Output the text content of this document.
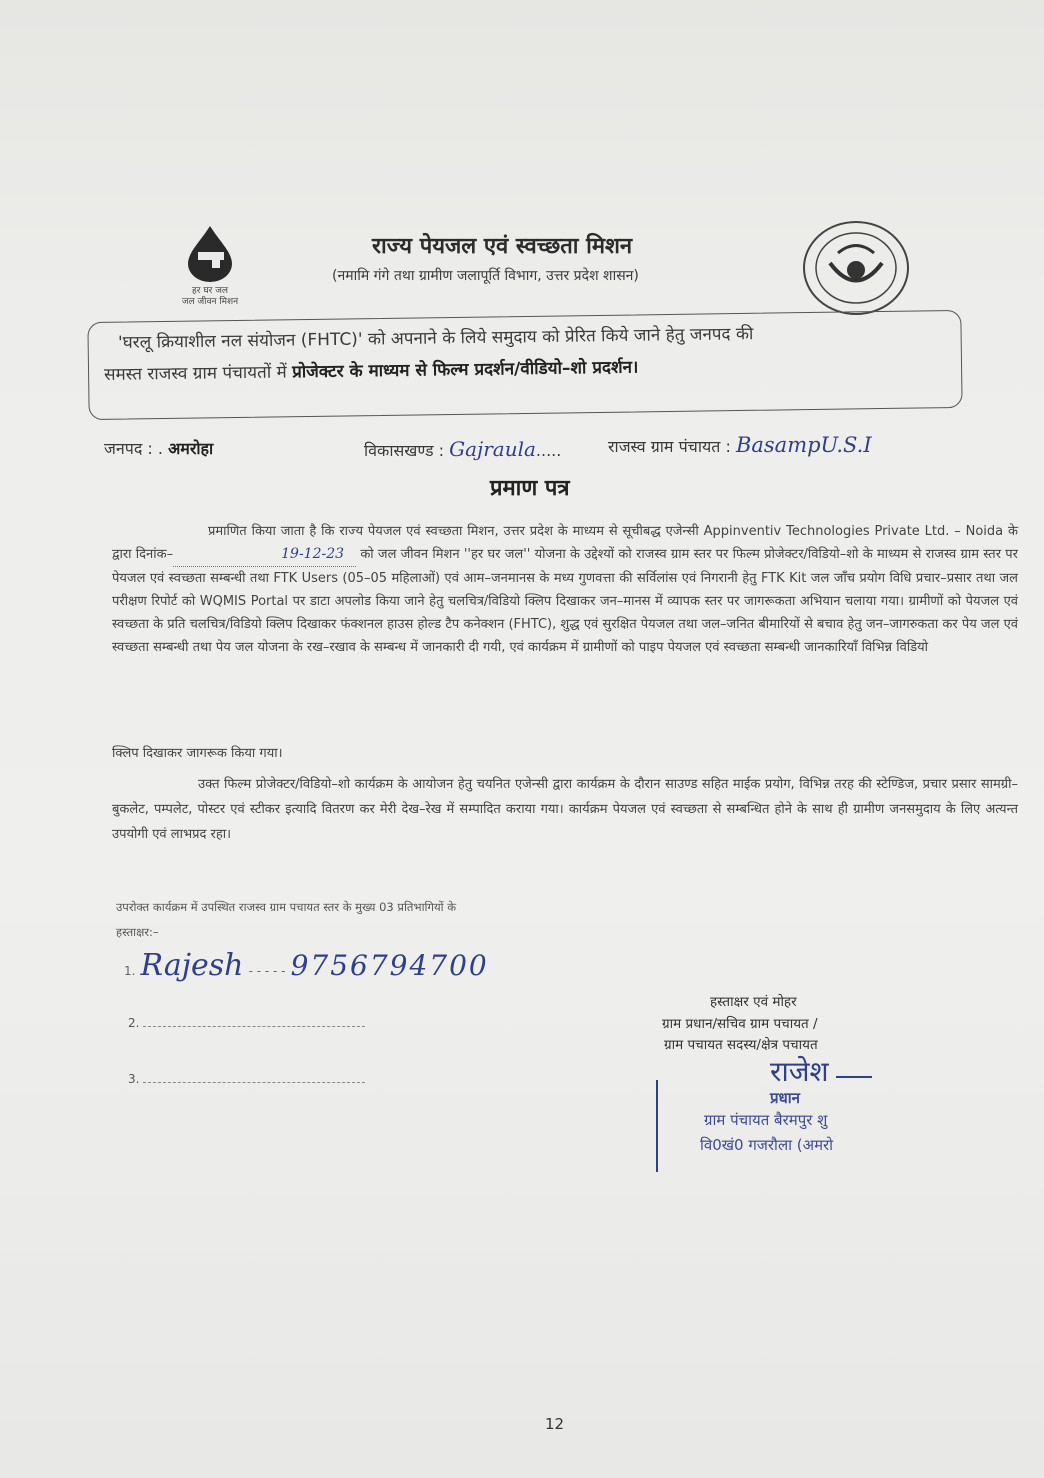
हर घर जल
जल जीवन मिशन
राज्य पेयजल एवं स्वच्छता मिशन
(नमामि गंगे तथा ग्रामीण जलापूर्ति विभाग, उत्तर प्रदेश शासन)
'घरलू क्रियाशील नल संयोजन (FHTC)' को अपनाने के लिये समुदाय को प्रेरित किये जाने हेतु जनपद की
समस्त राजस्व ग्राम पंचायतों में प्रोजेक्टर के माध्यम से फिल्म प्रदर्शन/वीडियो–शो प्रदर्शन।
जनपद : . अमरोहा	विकासखण्ड : Gajraula.....	राजस्व ग्राम पंचायत : BasampU.S.I
प्रमाण पत्र
प्रमाणित किया जाता है कि राज्य पेयजल एवं स्वच्छता मिशन, उत्तर प्रदेश के माध्यम से सूचीबद्ध एजेन्सी Appinventiv Technologies Private Ltd. – Noida के द्वारा दिनांक–	19-12-23 को जल जीवन मिशन ''हर घर जल'' योजना के उद्देश्यों को राजस्व ग्राम स्तर पर फिल्म प्रोजेक्टर/विडियो–शो के माध्यम से राजस्व ग्राम स्तर पर पेयजल एवं स्वच्छता सम्बन्धी तथा FTK Users (05–05 महिलाओं) एवं आम–जनमानस के मध्य गुणवत्ता की सर्विलांस एवं निगरानी हेतु FTK Kit जल जाँच प्रयोग विधि प्रचार–प्रसार तथा जल परीक्षण रिपोर्ट को WQMIS Portal पर डाटा अपलोड किया जाने हेतु चलचित्र/विडियो क्लिप दिखाकर जन–मानस में व्यापक स्तर पर जागरूकता अभियान चलाया गया। ग्रामीणों को पेयजल एवं स्वच्छता के प्रति चलचित्र/विडियो क्लिप दिखाकर फंक्शनल हाउस होल्ड टैप कनेक्शन (FHTC), शुद्ध एवं सुरक्षित पेयजल तथा जल–जनित बीमारियों से बचाव हेतु जन–जागरुकता कर पेय जल एवं स्वच्छता सम्बन्धी तथा पेय जल योजना के रख–रखाव के सम्बन्ध में जानकारी दी गयी, एवं कार्यक्रम में ग्रामीणों को पाइप पेयजल एवं स्वच्छता सम्बन्धी जानकारियाँ विभिन्न विडियो
क्लिप दिखाकर जागरूक किया गया।
उक्त फिल्म प्रोजेक्टर/विडियो–शो कार्यक्रम के आयोजन हेतु चयनित एजेन्सी द्वारा कार्यक्रम के दौरान साउण्ड सहित माईक प्रयोग, विभिन्न तरह की स्टेण्डिज, प्रचार प्रसार सामग्री–बुकलेट, पम्पलेट, पोस्टर एवं स्टीकर इत्यादि वितरण कर मेरी देख–रेख में सम्पादित कराया गया। कार्यक्रम पेयजल एवं स्वच्छता से सम्बन्धित होने के साथ ही ग्रामीण जनसमुदाय के लिए अत्यन्त उपयोगी एवं लाभप्रद रहा।
उपरोक्त कार्यक्रम में उपस्थित राजस्व ग्राम पचायत स्तर के मुख्य 03 प्रतिभागियों के
हस्ताक्षर:–
1. Rajesh - - - - - 9756794700
2.
3.
हस्ताक्षर एवं मोहर
ग्राम प्रधान/सचिव ग्राम पचायत /
ग्राम पचायत सदस्य/क्षेत्र पचायत
राजेश
प्रधान
ग्राम पंचायत बैरमपुर शु
वि0खं0 गजरौला (अमरो
12
